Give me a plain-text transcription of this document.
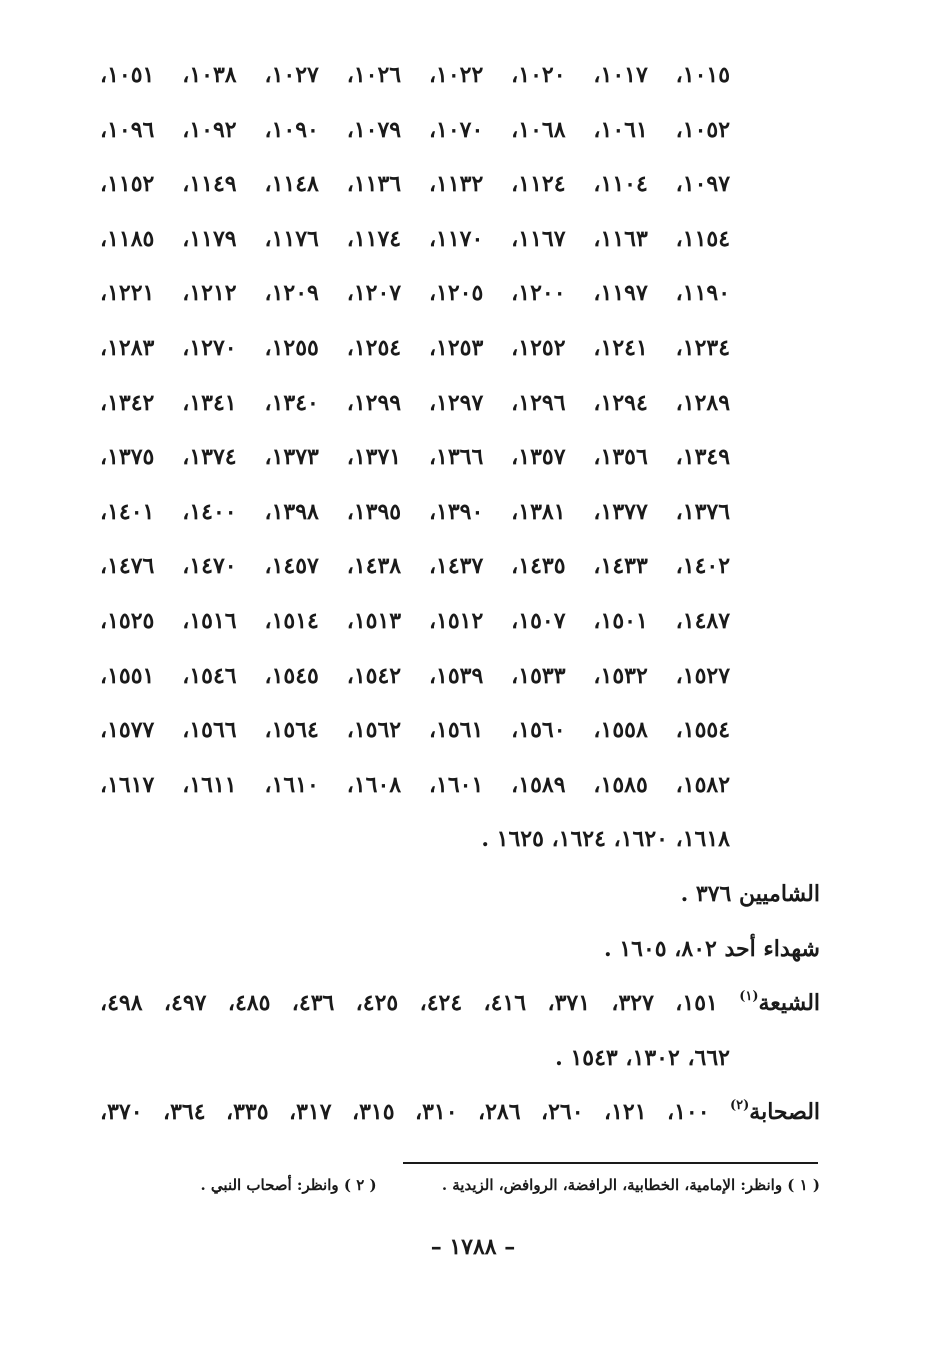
١٠١٥، ١٠١٧، ١٠٢٠، ١٠٢٢، ١٠٢٦، ١٠٢٧، ١٠٣٨، ١٠٥١،
١٠٥٢، ١٠٦١، ١٠٦٨، ١٠٧٠، ١٠٧٩، ١٠٩٠، ١٠٩٢، ١٠٩٦،
١٠٩٧، ١١٠٤، ١١٢٤، ١١٣٢، ١١٣٦، ١١٤٨، ١١٤٩، ١١٥٢،
١١٥٤، ١١٦٣، ١١٦٧، ١١٧٠، ١١٧٤، ١١٧٦، ١١٧٩، ١١٨٥،
١١٩٠، ١١٩٧، ١٢٠٠، ١٢٠٥، ١٢٠٧، ١٢٠٩، ١٢١٢، ١٢٢١،
١٢٣٤، ١٢٤١، ١٢٥٢، ١٢٥٣، ١٢٥٤، ١٢٥٥، ١٢٧٠، ١٢٨٣،
١٢٨٩، ١٢٩٤، ١٢٩٦، ١٢٩٧، ١٢٩٩، ١٣٤٠، ١٣٤١، ١٣٤٢،
١٣٤٩، ١٣٥٦، ١٣٥٧، ١٣٦٦، ١٣٧١، ١٣٧٣، ١٣٧٤، ١٣٧٥،
١٣٧٦، ١٣٧٧، ١٣٨١، ١٣٩٠، ١٣٩٥، ١٣٩٨، ١٤٠٠، ١٤٠١،
١٤٠٢، ١٤٣٣، ١٤٣٥، ١٤٣٧، ١٤٣٨، ١٤٥٧، ١٤٧٠، ١٤٧٦،
١٤٨٧، ١٥٠١، ١٥٠٧، ١٥١٢، ١٥١٣، ١٥١٤، ١٥١٦، ١٥٢٥،
١٥٢٧، ١٥٣٢، ١٥٣٣، ١٥٣٩، ١٥٤٢، ١٥٤٥، ١٥٤٦، ١٥٥١،
١٥٥٤، ١٥٥٨، ١٥٦٠، ١٥٦١، ١٥٦٢، ١٥٦٤، ١٥٦٦، ١٥٧٧،
١٥٨٢، ١٥٨٥، ١٥٨٩، ١٦٠١، ١٦٠٨، ١٦١٠، ١٦١١، ١٦١٧،
١٦١٨، ١٦٢٠، ١٦٢٤، ١٦٢٥ .
الشاميين ٣٧٦ .
شهداء أحد ٨٠٢، ١٦٠٥ .
الشيعة$^{(١)}$ ١٥١، ٣٢٧، ٣٧١، ٤١٦، ٤٢٤، ٤٢٥، ٤٣٦، ٤٨٥، ٤٩٧، ٤٩٨،
٦٦٢، ١٣٠٢، ١٥٤٣ .
الصحابة$^{(٢)}$ ١٠٠، ١٢١، ٢٦٠، ٢٨٦، ٣١٠، ٣١٥، ٣١٧، ٣٣٥، ٣٦٤، ٣٧٠،
( ١ ) وانظر: الإمامية، الخطابية، الرافضة، الروافض، الزيدية . ( ٢ ) وانظر: أصحاب النبي .
– ١٧٨٨ –
